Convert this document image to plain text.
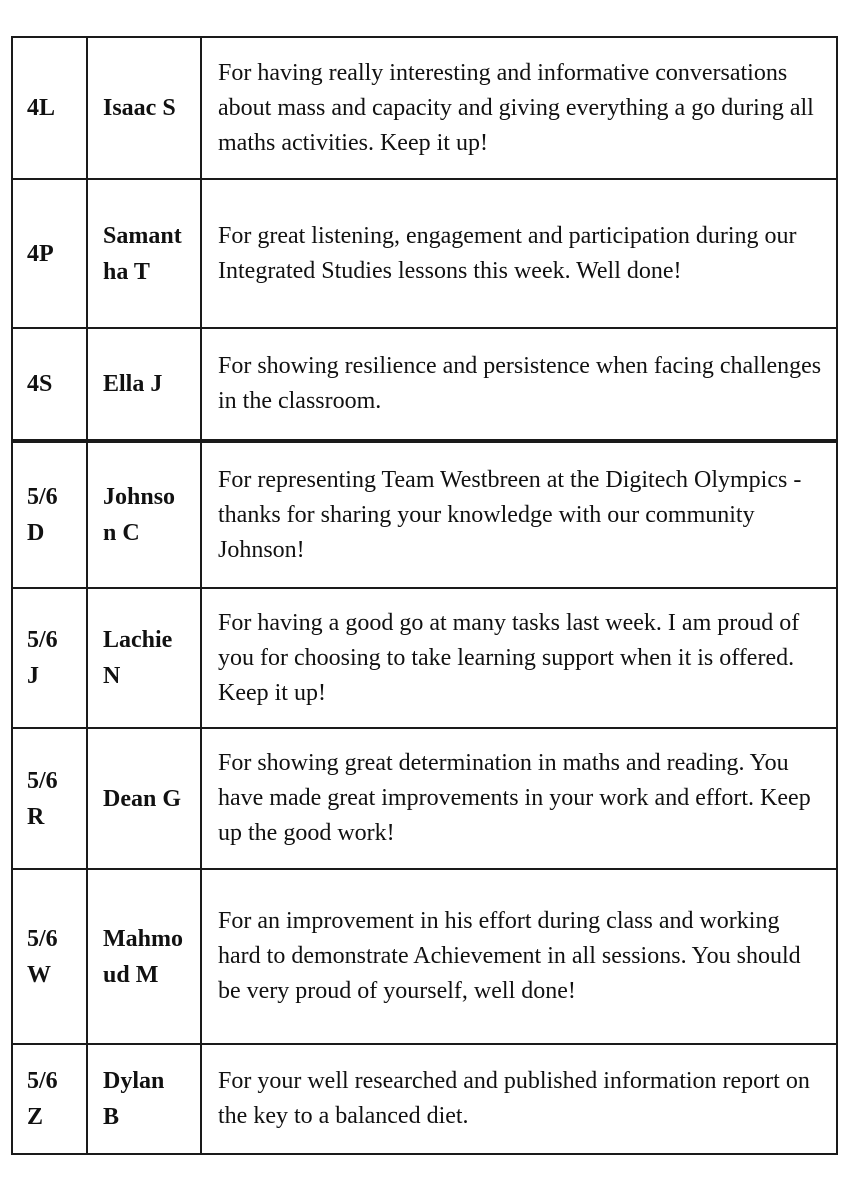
4L Isaac S
For having really interesting and informative conversations about mass and capacity and giving everything a go during all maths activities. Keep it up!
4P
Samantha T
For great listening, engagement and participation during our Integrated Studies lessons this week. Well done!
4S	Ella J
For showing resilience and persistence when facing challenges in the classroom.
5/6D
Johnson C
For representing Team Westbreen at the Digitech Olympics - thanks for sharing your knowledge with our community Johnson!
5/6J
Lachie N
For having a good go at many tasks last week. I am proud of you for choosing to take learning support when it is offered. Keep it up!
5/6R
Dean G
For showing great determination in maths and reading. You have made great improvements in your work and effort. Keep up the good work!
5/6W
Mahmoud M
For an improvement in his effort during class and working hard to demonstrate Achievement in all sessions. You should be very proud of yourself, well done!
5/6Z
Dylan B
For your well researched and published information report on the key to a balanced diet.
